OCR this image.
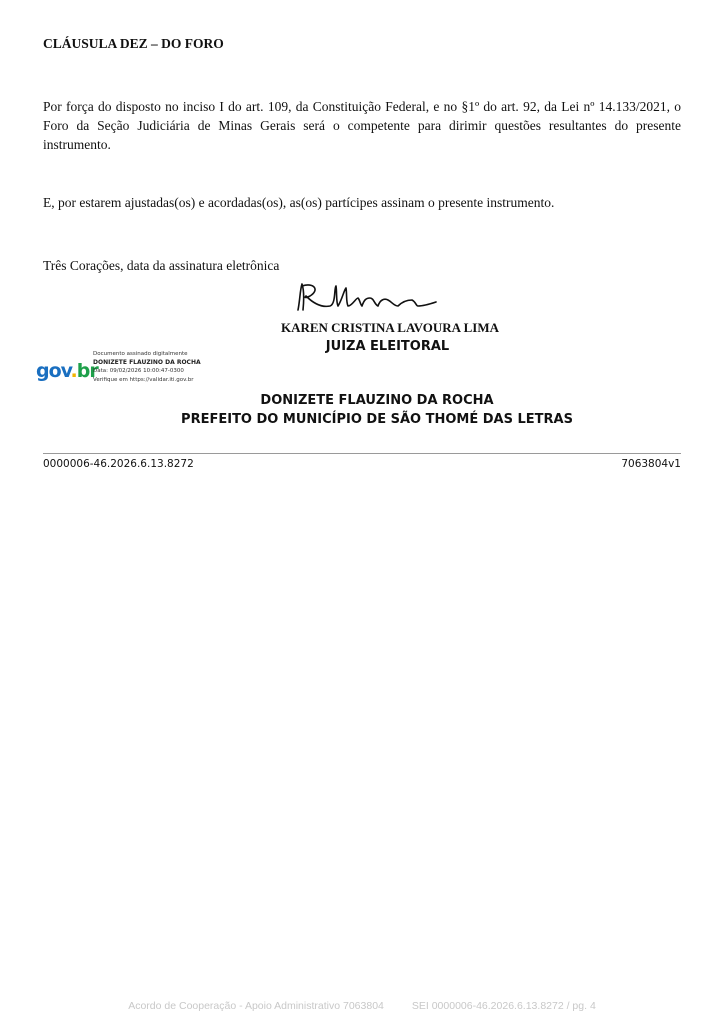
CLÁUSULA DEZ – DO FORO
Por força do disposto no inciso I do art. 109, da Constituição Federal, e no §1º do art. 92, da Lei nº 14.133/2021, o Foro da Seção Judiciária de Minas Gerais será o competente para dirimir questões resultantes do presente instrumento.
E, por estarem ajustadas(os) e acordadas(os), as(os) partícipes assinam o presente instrumento.
Três Corações, data da assinatura eletrônica
KAREN CRISTINA LAVOURA LIMA
JUIZA ELEITORAL
gov.br
Documento assinado digitalmente
DONIZETE FLAUZINO DA ROCHA
Data: 09/02/2026 10:00:47-0300
Verifique em https://validar.iti.gov.br
DONIZETE FLAUZINO DA ROCHA
PREFEITO DO MUNICÍPIO DE SÃO THOMÉ DAS LETRAS
0000006-46.2026.6.13.8272	7063804v1
Acordo de Cooperação - Apoio Administrativo 7063804	SEI 0000006-46.2026.6.13.8272 / pg. 4
